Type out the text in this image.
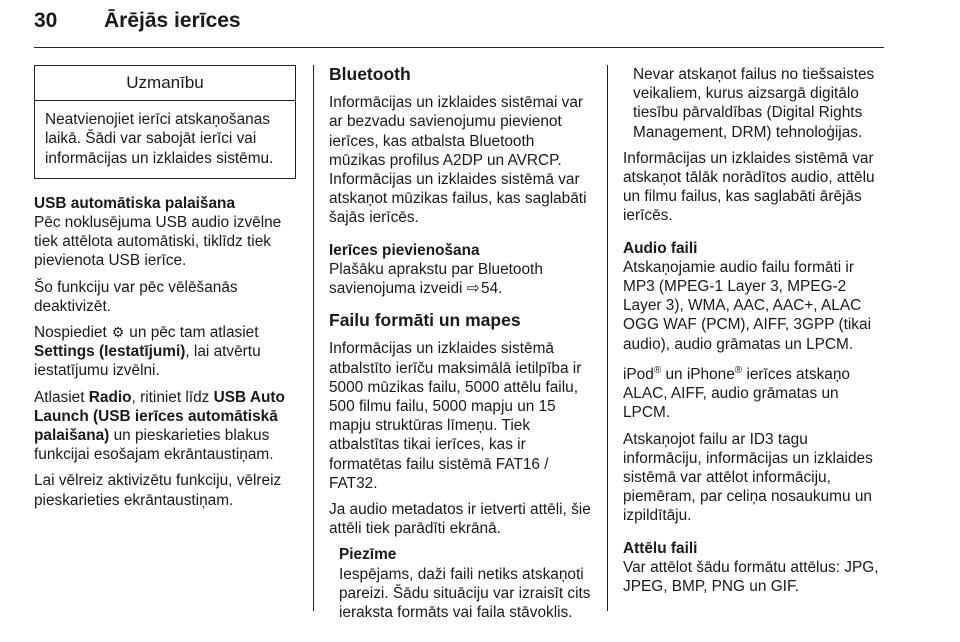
30 Ārējās ierīces
Uzmanību
Neatvienojiet ierīci atskaņošanas laikā. Šādi var sabojāt ierīci vai informācijas un izklaides sistēmu.

USB automātiska palaišana

Pēc noklusējuma USB audio izvēlne tiek attēlota automātiski, tiklīdz tiek pievienota USB ierīce.

Šo funkciju var pēc vēlēšanās deaktivizēt.

Nospiediet ⚙ un pēc tam atlasiet Settings (Iestatījumi), lai atvērtu iestatījumu izvēlni.

Atlasiet Radio, ritiniet līdz USB Auto Launch (USB ierīces automātiskā palaišana) un pieskarieties blakus funkcijai esošajam ekrāntaustiņam.

Lai vēlreiz aktivizētu funkciju, vēlreiz pieskarieties ekrāntaustiņam.

Bluetooth

Informācijas un izklaides sistēmai var ar bezvadu savienojumu pievienot ierīces, kas atbalsta Bluetooth mūzikas profilus A2DP un AVRCP. Informācijas un izklaides sistēmā var atskaņot mūzikas failus, kas saglabāti šajās ierīcēs.

Ierīces pievienošana

Plašāku aprakstu par Bluetooth savienojuma izveidi ⇨ 54.

Failu formāti un mapes

Informācijas un izklaides sistēmā atbalstīto ierīču maksimālā ietilpība ir 5000 mūzikas failu, 5000 attēlu failu, 500 filmu failu, 5000 mapju un 15 mapju struktūras līmeņu. Tiek atbalstītas tikai ierīces, kas ir formatētas failu sistēmā FAT16 / FAT32.

Ja audio metadatos ir ietverti attēli, šie attēli tiek parādīti ekrānā.

Piezīme

Iespējams, daži faili netiks atskaņoti pareizi. Šādu situāciju var izraisīt cits ieraksta formāts vai faila stāvoklis.

Nevar atskaņot failus no tiešsaistes veikaliem, kurus aizsargā digitālo tiesību pārvaldības (Digital Rights Management, DRM) tehnoloģijas.

Informācijas un izklaides sistēmā var atskaņot tālāk norādītos audio, attēlu un filmu failus, kas saglabāti ārējās ierīcēs.

Audio faili

Atskaņojamie audio failu formāti ir MP3 (MPEG-1 Layer 3, MPEG-2 Layer 3), WMA, AAC, AAC+, ALAC OGG WAF (PCM), AIFF, 3GPP (tikai audio), audio grāmatas un LPCM.

iPod® un iPhone® ierīces atskaņo ALAC, AIFF, audio grāmatas un LPCM.

Atskaņojot failu ar ID3 tagu informāciju, informācijas un izklaides sistēmā var attēlot informāciju, piemēram, par celiņa nosaukumu un izpildītāju.

Attēlu faili

Var attēlot šādu formātu attēlus: JPG, JPEG, BMP, PNG un GIF.
